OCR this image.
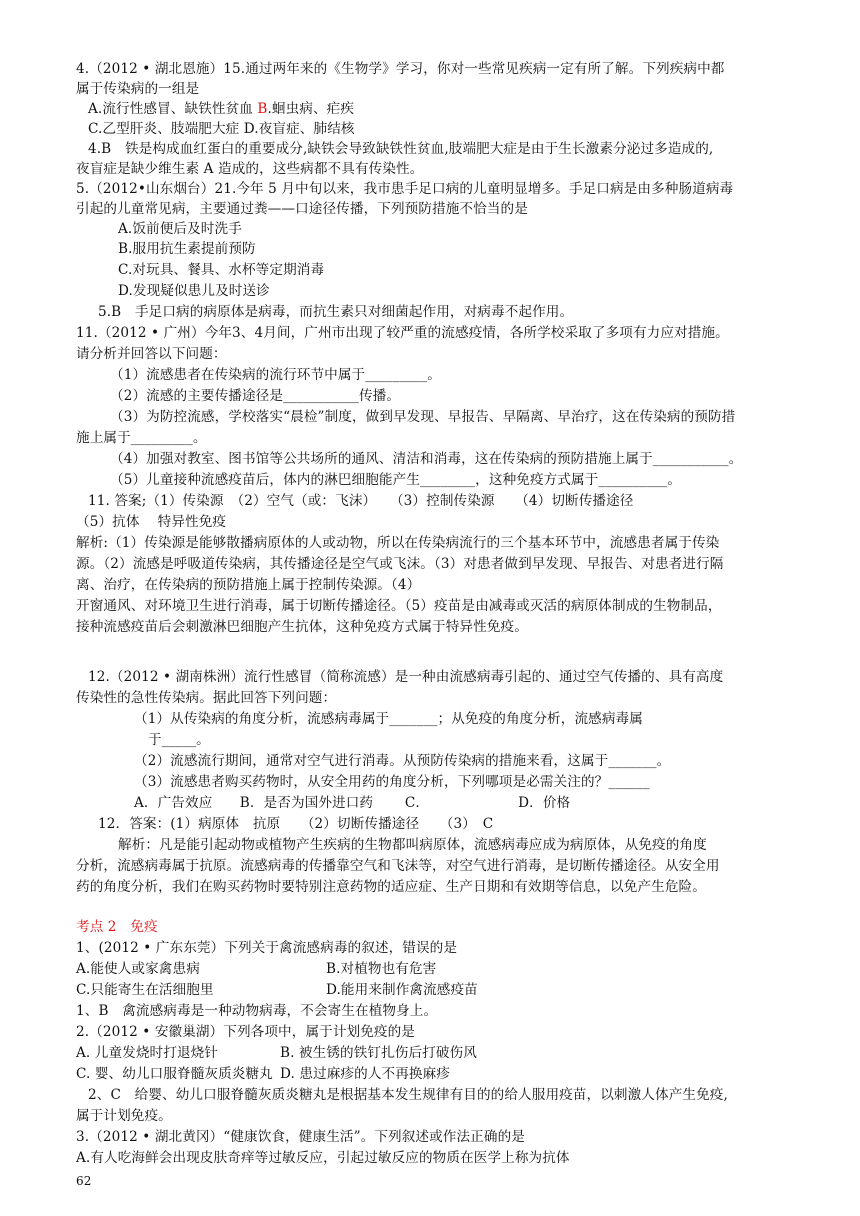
4.（2012 • 湖北恩施）15.通过两年来的《生物学》学习，你对一些常见疾病一定有所了解。下列疾病中都
属于传染病的一组是
A.流行性感冒、缺铁性贫血 B.蛔虫病、疟疾
C.乙型肝炎、肢端肥大症 D.夜盲症、肺结核
4.B　铁是构成血红蛋白的重要成分,缺铁会导致缺铁性贫血,肢端肥大症是由于生长激素分泌过多造成的,
夜盲症是缺少维生素 A 造成的，这些病都不具有传染性。
5.（2012•山东烟台）21.今年 5 月中旬以来，我市患手足口病的儿童明显增多。手足口病是由多种肠道病毒
引起的儿童常见病，主要通过粪——口途径传播，下列预防措施不恰当的是
A.饭前便后及时洗手
B.服用抗生素提前预防
C.对玩具、餐具、水杯等定期消毒
D.发现疑似患儿及时送诊
5.B　手足口病的病原体是病毒，而抗生素只对细菌起作用，对病毒不起作用。
11.（2012 • 广州）今年3、4月间，广州市出现了较严重的流感疫情，各所学校采取了多项有力应对措施。
请分析并回答以下问题：
（1）流感患者在传染病的流行环节中属于_________。
（2）流感的主要传播途径是___________传播。
（3）为防控流感，学校落实“晨检”制度，做到早发现、早报告、早隔离、早治疗，这在传染病的预防措
施上属于_________。
（4）加强对教室、图书馆等公共场所的通风、清洁和消毒，这在传染病的预防措施上属于___________。
（5）儿童接种流感疫苗后，体内的淋巴细胞能产生________，这种免疫方式属于__________。
11. 答案;（1）传染源　（2）空气（或：飞沫）　　（3）控制传染源　　（4）切断传播途径
（5）抗体　 特异性免疫
解析:（1）传染源是能够散播病原体的人或动物，所以在传染病流行的三个基本环节中，流感患者属于传染
源。（2）流感是呼吸道传染病，其传播途径是空气或飞沫。（3）对患者做到早发现、早报告、对患者进行隔
离、治疗，在传染病的预防措施上属于控制传染源。（4）
开窗通风、对环境卫生进行消毒，属于切断传播途径。（5）疫苗是由减毒或灭活的病原体制成的生物制品，
接种流感疫苗后会刺激淋巴细胞产生抗体，这种免疫方式属于特异性免疫。
12.（2012 • 湖南株洲）流行性感冒（简称流感）是一种由流感病毒引起的、通过空气传播的、具有高度
传染性的急性传染病。据此回答下列问题：
（1）从传染病的角度分析，流感病毒属于_______；从免疫的角度分析，流感病毒属
于_____。
（2）流感流行期间，通常对空气进行消毒。从预防传染病的措施来看，这属于_______。
（3）流感患者购买药物时，从安全用药的角度分析，下列哪项是必需关注的？______
A．广告效应　　B．是否为国外进口药　　 C．　　　　　　　D．价格
12．答案：(1）病原体　抗原　　（2）切断传播途径　　（3）　C
解析：凡是能引起动物或植物产生疾病的生物都叫病原体，流感病毒应成为病原体，从免疫的角度
分析，流感病毒属于抗原。流感病毒的传播靠空气和飞沫等，对空气进行消毒，是切断传播途径。从安全用
药的角度分析，我们在购买药物时要特别注意药物的适应症、生产日期和有效期等信息，以免产生危险。
考点 2　免疫
1、(2012 • 广东东莞）下列关于禽流感病毒的叙述，错误的是
A.能使人或家禽患病	B.对植物也有危害
C.只能寄生在活细胞里	D.能用来制作禽流感疫苗
1、B　禽流感病毒是一种动物病毒，不会寄生在植物身上。
2.（2012 • 安徽巢湖）下列各项中，属于计划免疫的是
A. 儿童发烧时打退烧针	B. 被生锈的铁钉扎伤后打破伤风
C. 婴、幼儿口服脊髓灰质炎糖丸 D. 患过麻疹的人不再换麻疹
2、C　给婴、幼儿口服脊髓灰质炎糖丸是根据基本发生规律有目的的给人服用疫苗，以刺激人体产生免疫,
属于计划免疫。
3.（2012 • 湖北黄冈）“健康饮食，健康生活”。下列叙述或作法正确的是
A.有人吃海鲜会出现皮肤奇痒等过敏反应，引起过敏反应的物质在医学上称为抗体
62
